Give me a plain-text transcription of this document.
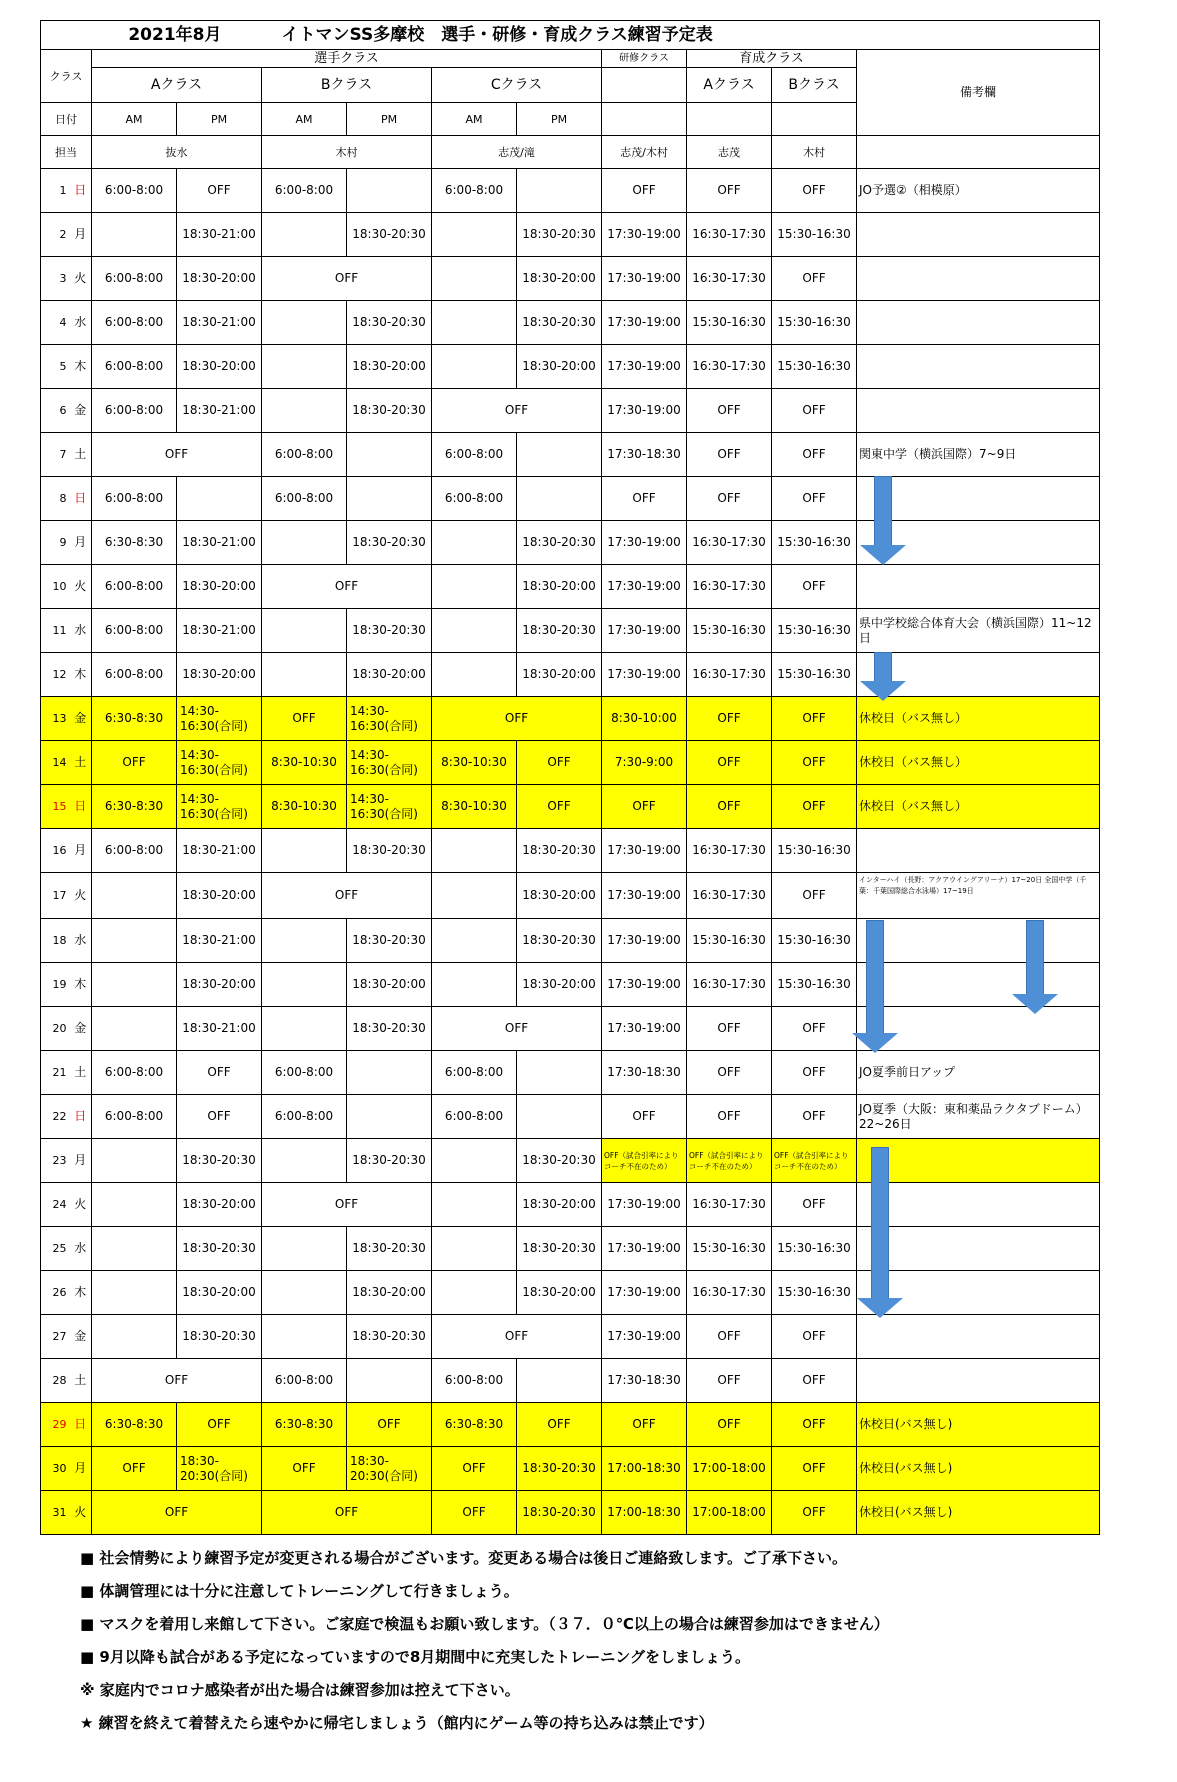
2021年8月				イトマンSS多摩校　選手・研修・育成クラス練習予定表							
クラス		選手クラス						研修クラス	育成クラス		備考欄
		Aクラス		Bクラス		Cクラス			Aクラス	Bクラス	
日付		AM	PM	AM	PM	AM	PM				
担当		抜水		木村		志茂/滝		志茂/木村	志茂	木村	
1	日	6:00-8:00	OFF	6:00-8:00		6:00-8:00		OFF	OFF	OFF	JO予選②（相模原）
2	月		18:30-21:00		18:30-20:30		18:30-20:30	17:30-19:00	16:30-17:30	15:30-16:30	
3	火	6:00-8:00	18:30-20:00	OFF			18:30-20:00	17:30-19:00	16:30-17:30	OFF	
4	水	6:00-8:00	18:30-21:00		18:30-20:30		18:30-20:30	17:30-19:00	15:30-16:30	15:30-16:30	
5	木	6:00-8:00	18:30-20:00		18:30-20:00		18:30-20:00	17:30-19:00	16:30-17:30	15:30-16:30	
6	金	6:00-8:00	18:30-21:00		18:30-20:30	OFF		17:30-19:00	OFF	OFF	
7	土	OFF		6:00-8:00		6:00-8:00		17:30-18:30	OFF	OFF	関東中学（横浜国際）7~9日
8	日	6:00-8:00		6:00-8:00		6:00-8:00		OFF	OFF	OFF	
9	月	6:30-8:30	18:30-21:00		18:30-20:30		18:30-20:30	17:30-19:00	16:30-17:30	15:30-16:30	
10	火	6:00-8:00	18:30-20:00	OFF			18:30-20:00	17:30-19:00	16:30-17:30	OFF	
11	水	6:00-8:00	18:30-21:00		18:30-20:30		18:30-20:30	17:30-19:00	15:30-16:30	15:30-16:30	県中学校総合体育大会（横浜国際）11~12日
12	木	6:00-8:00	18:30-20:00		18:30-20:00		18:30-20:00	17:30-19:00	16:30-17:30	15:30-16:30	
13	金	6:30-8:30	14:30-16:30(合同)	OFF	14:30-16:30(合同)	OFF		8:30-10:00	OFF	OFF	休校日（バス無し）
14	土	OFF	14:30-16:30(合同)	8:30-10:30	14:30-16:30(合同)	8:30-10:30	OFF	7:30-9:00	OFF	OFF	休校日（バス無し）
15	日	6:30-8:30	14:30-16:30(合同)	8:30-10:30	14:30-16:30(合同)	8:30-10:30	OFF	OFF	OFF	OFF	休校日（バス無し）
16	月	6:00-8:00	18:30-21:00		18:30-20:30		18:30-20:30	17:30-19:00	16:30-17:30	15:30-16:30	
17	火		18:30-20:00	OFF			18:30-20:00	17:30-19:00	16:30-17:30	OFF	インターハイ（長野：アクアウイングアリーナ）17~20日 全国中学（千葉：千葉国際総合水泳場）17~19日
18	水		18:30-21:00		18:30-20:30		18:30-20:30	17:30-19:00	15:30-16:30	15:30-16:30	
19	木		18:30-20:00		18:30-20:00		18:30-20:00	17:30-19:00	16:30-17:30	15:30-16:30	
20	金		18:30-21:00		18:30-20:30	OFF		17:30-19:00	OFF	OFF	
21	土	6:00-8:00	OFF	6:00-8:00		6:00-8:00		17:30-18:30	OFF	OFF	JO夏季前日アップ
22	日	6:00-8:00	OFF	6:00-8:00		6:00-8:00		OFF	OFF	OFF	JO夏季（大阪：東和薬品ラクタブドーム）22~26日
23	月		18:30-20:30		18:30-20:30		18:30-20:30	OFF（試合引率によりコーチ不在のため）	OFF（試合引率によりコーチ不在のため）	OFF（試合引率によりコーチ不在のため）	
24	火		18:30-20:00	OFF			18:30-20:00	17:30-19:00	16:30-17:30	OFF	
25	水		18:30-20:30		18:30-20:30		18:30-20:30	17:30-19:00	15:30-16:30	15:30-16:30	
26	木		18:30-20:00		18:30-20:00		18:30-20:00	17:30-19:00	16:30-17:30	15:30-16:30	
27	金		18:30-20:30		18:30-20:30	OFF		17:30-19:00	OFF	OFF	
28	土	OFF		6:00-8:00		6:00-8:00		17:30-18:30	OFF	OFF	
29	日	6:30-8:30	OFF	6:30-8:30	OFF	6:30-8:30	OFF	OFF	OFF	OFF	休校日(バス無し)
30	月	OFF	18:30-20:30(合同)	OFF	18:30-20:30(合同)	OFF	18:30-20:30	17:00-18:30	17:00-18:00	OFF	休校日(バス無し)
31	火	OFF		OFF		OFF	18:30-20:30	17:00-18:30	17:00-18:00	OFF	休校日(バス無し)
■ 社会情勢により練習予定が変更される場合がございます。変更ある場合は後日ご連絡致します。ご了承下さい。
■ 体調管理には十分に注意してトレーニングして行きましょう。
■ マスクを着用し来館して下さい。ご家庭で検温もお願い致します。（３７．０℃以上の場合は練習参加はできません）
■ 9月以降も試合がある予定になっていますので8月期間中に充実したトレーニングをしましょう。
※ 家庭内でコロナ感染者が出た場合は練習参加は控えて下さい。
★ 練習を終えて着替えたら速やかに帰宅しましょう（館内にゲーム等の持ち込みは禁止です）
